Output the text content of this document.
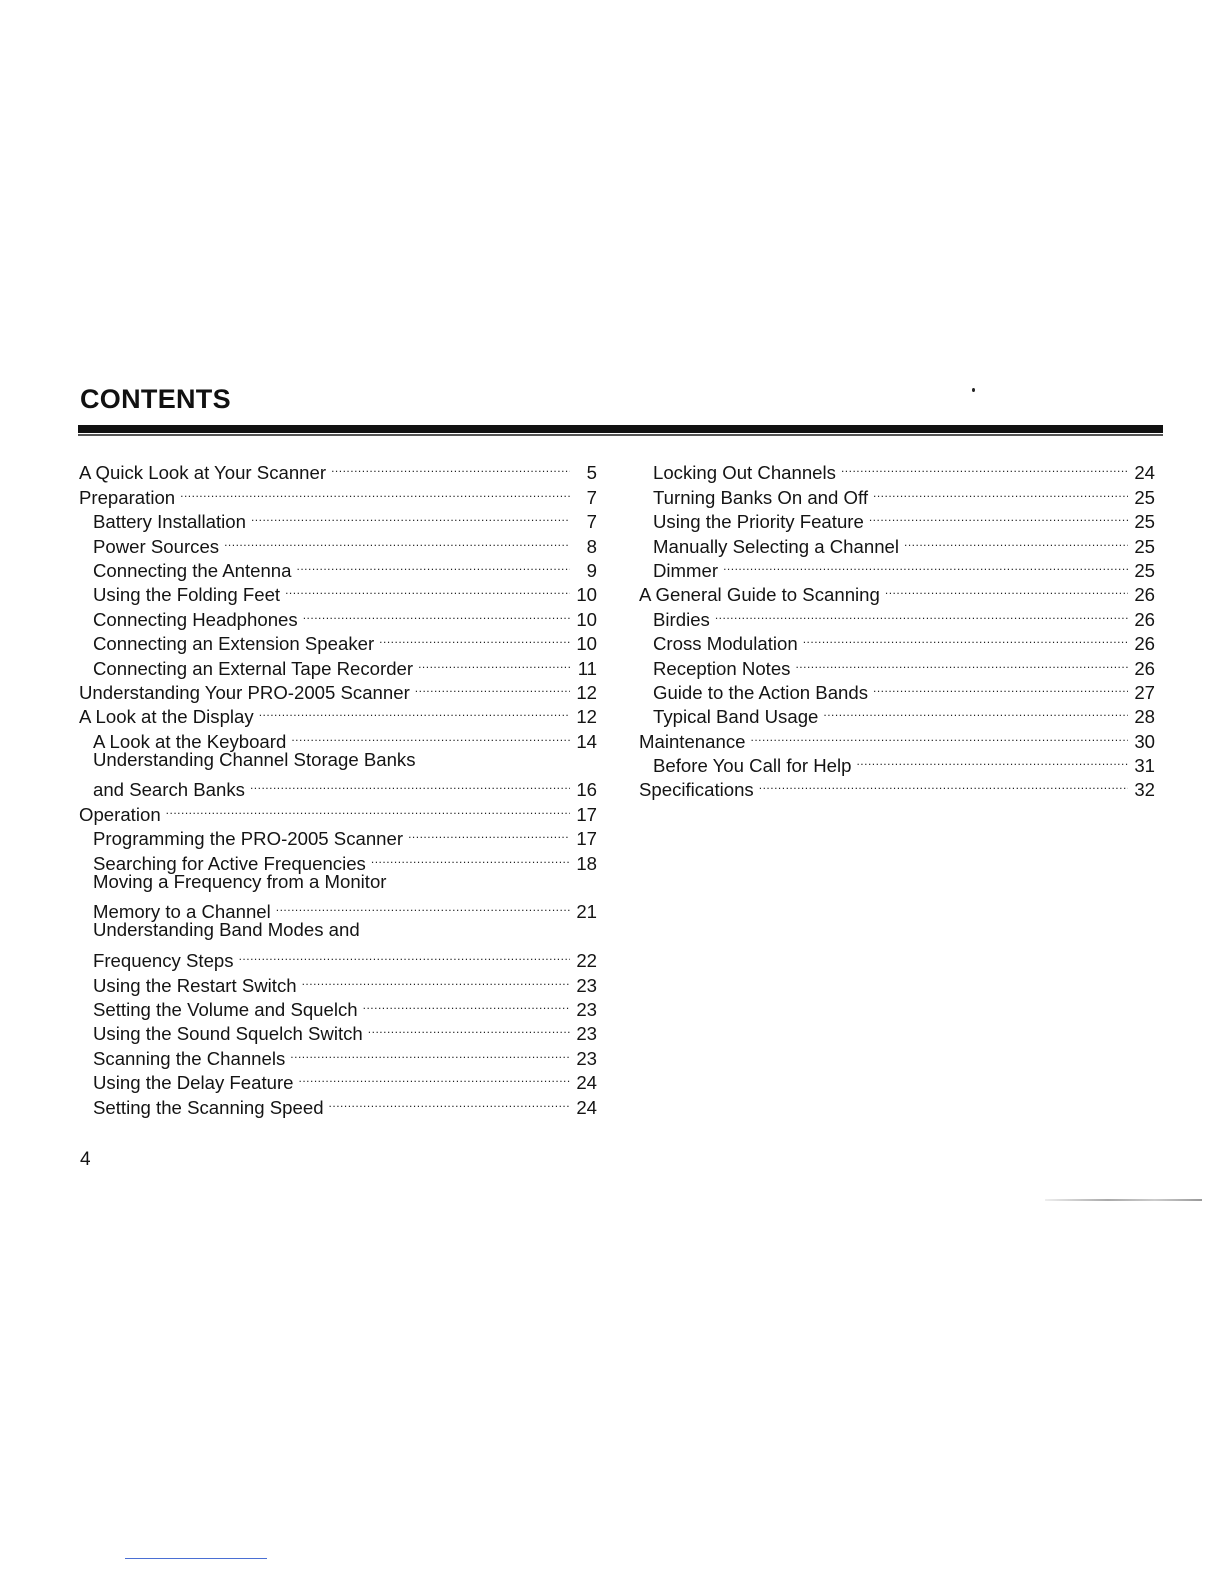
CONTENTS
A Quick Look at Your Scanner .....	5
Preparation .....	7
Battery Installation .....	7
Power Sources .....	8
Connecting the Antenna .....	9
Using the Folding Feet .....	10
Connecting Headphones .....	10
Connecting an Extension Speaker .....	10
Connecting an External Tape Recorder .....	11
Understanding Your PRO-2005 Scanner .....	12
A Look at the Display .....	12
A Look at the Keyboard .....	14
Understanding Channel Storage Banks
and Search Banks .....	16
Operation .....	17
Programming the PRO-2005 Scanner .....	17
Searching for Active Frequencies .....	18
Moving a Frequency from a Monitor
Memory to a Channel .....	21
Understanding Band Modes and
Frequency Steps .....	22
Using the Restart Switch .....	23
Setting the Volume and Squelch .....	23
Using the Sound Squelch Switch .....	23
Scanning the Channels .....	23
Using the Delay Feature .....	24
Setting the Scanning Speed .....	24
Locking Out Channels .....	24
Turning Banks On and Off .....	25
Using the Priority Feature .....	25
Manually Selecting a Channel .....	25
Dimmer .....	25
A General Guide to Scanning .....	26
Birdies .....	26
Cross Modulation .....	26
Reception Notes .....	26
Guide to the Action Bands .....	27
Typical Band Usage .....	28
Maintenance .....	30
Before You Call for Help .....	31
Specifications .....	32
4
